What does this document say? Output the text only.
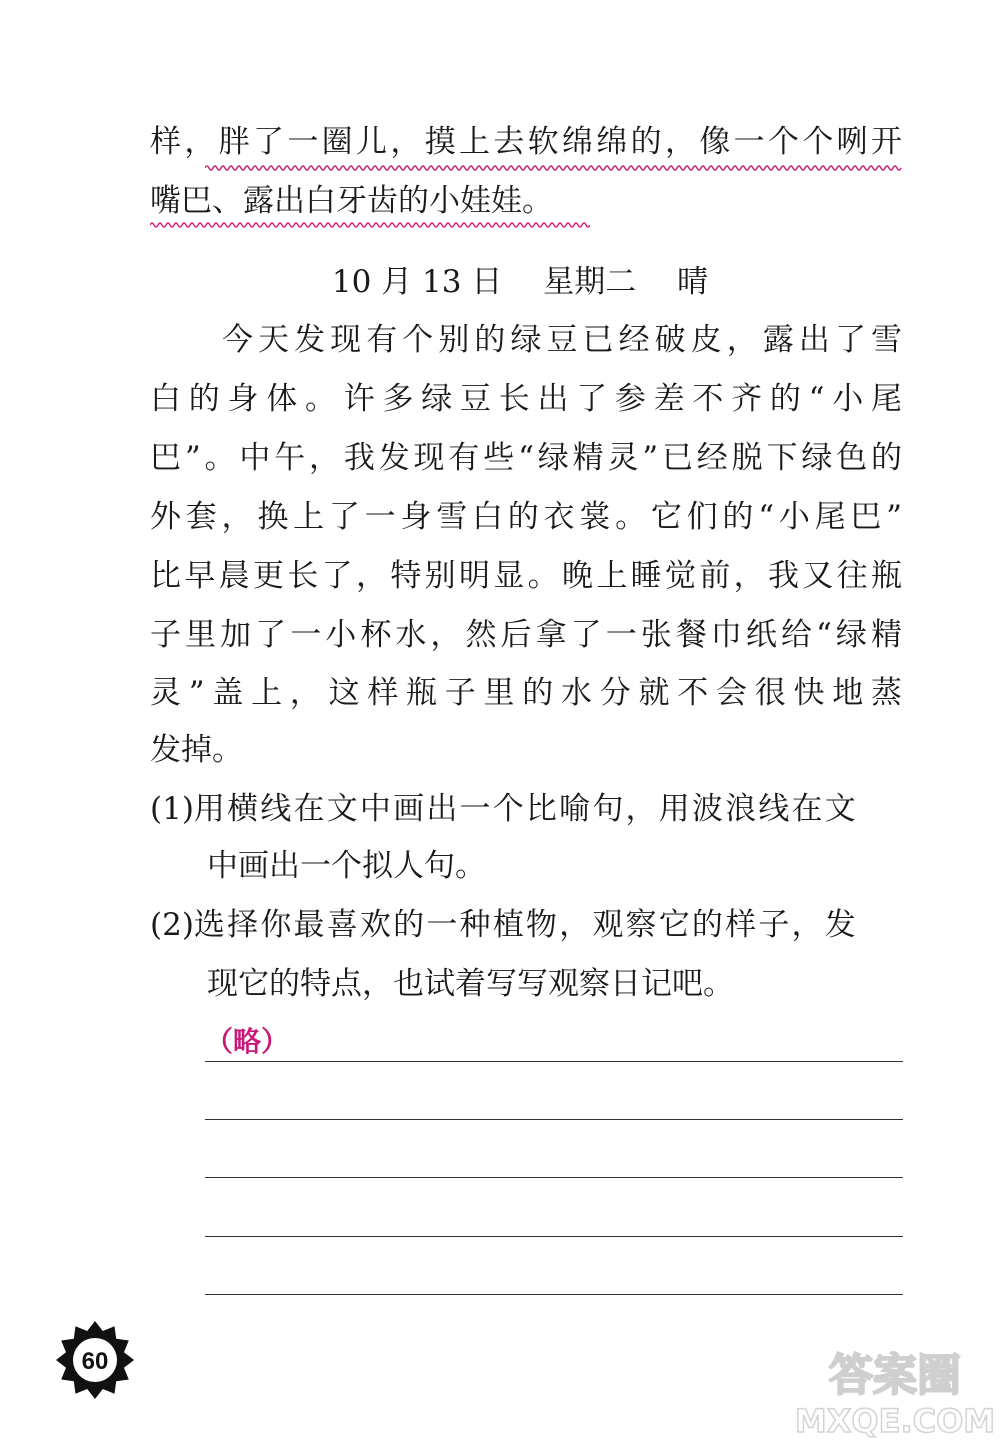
样，胖了一圈儿，摸上去软绵绵的，像一个个咧开
嘴巴、露出白牙齿的小娃娃。
10 月 13 日　 星期二　 晴
今天发现有个别的绿豆已经破皮，露出了雪
白的身体。许多绿豆长出了参差不齐的“小尾
巴”。中午，我发现有些“绿精灵”已经脱下绿色的
外套，换上了一身雪白的衣裳。它们的“小尾巴”
比早晨更长了，特别明显。晚上睡觉前，我又往瓶
子里加了一小杯水，然后拿了一张餐巾纸给“绿精
灵”盖上，这样瓶子里的水分就不会很快地蒸
发掉。
(1)用横线在文中画出一个比喻句，用波浪线在文
中画出一个拟人句。
(2)选择你最喜欢的一种植物，观察它的样子，发
现它的特点，也试着写写观察日记吧。
（略）
60	答案圈
MXQE.COM
